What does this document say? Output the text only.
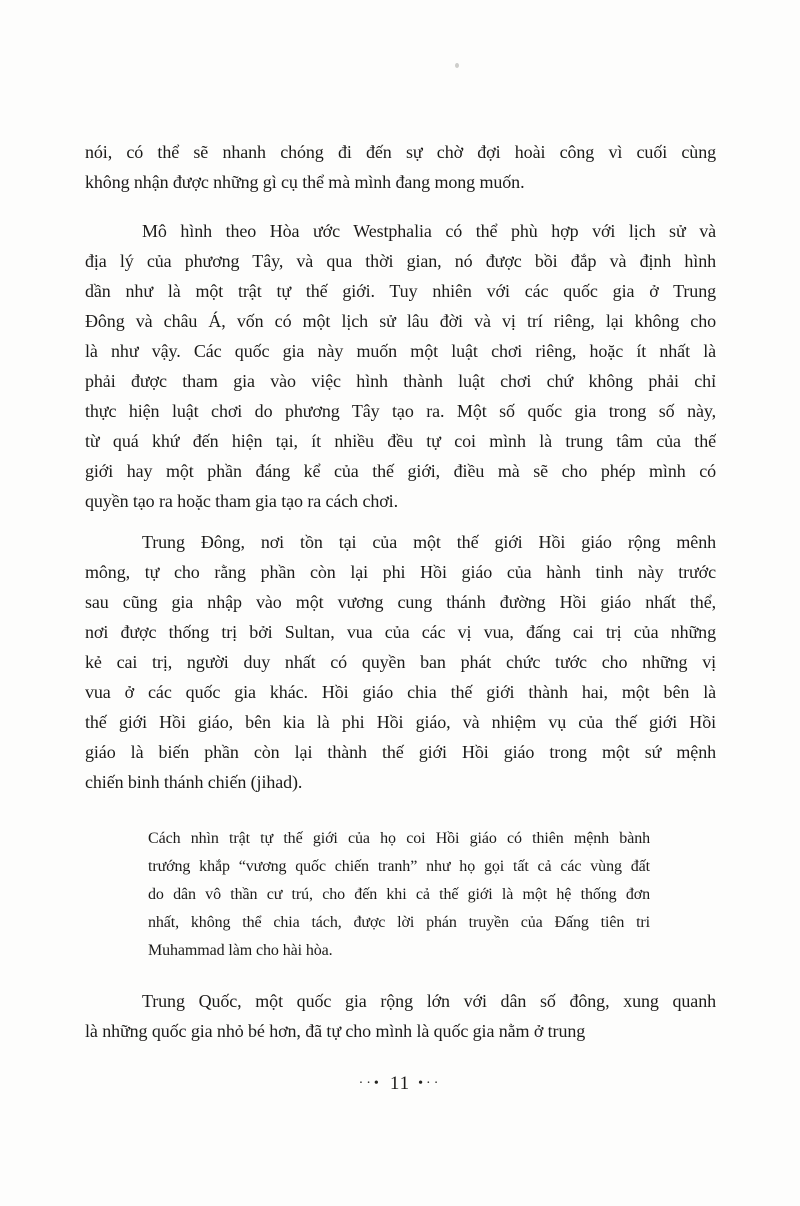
nói, có thể sẽ nhanh chóng đi đến sự chờ đợi hoài công vì cuối cùng
không nhận được những gì cụ thể mà mình đang mong muốn.
Mô hình theo Hòa ước Westphalia có thể phù hợp với lịch sử và
địa lý của phương Tây, và qua thời gian, nó được bồi đắp và định hình
dần như là một trật tự thế giới. Tuy nhiên với các quốc gia ở Trung
Đông và châu Á, vốn có một lịch sử lâu đời và vị trí riêng, lại không cho
là như vậy. Các quốc gia này muốn một luật chơi riêng, hoặc ít nhất là
phải được tham gia vào việc hình thành luật chơi chứ không phải chỉ
thực hiện luật chơi do phương Tây tạo ra. Một số quốc gia trong số này,
từ quá khứ đến hiện tại, ít nhiều đều tự coi mình là trung tâm của thế
giới hay một phần đáng kể của thế giới, điều mà sẽ cho phép mình có
quyền tạo ra hoặc tham gia tạo ra cách chơi.
Trung Đông, nơi tồn tại của một thế giới Hồi giáo rộng mênh
mông, tự cho rằng phần còn lại phi Hồi giáo của hành tinh này trước
sau cũng gia nhập vào một vương cung thánh đường Hồi giáo nhất thể,
nơi được thống trị bởi Sultan, vua của các vị vua, đấng cai trị của những
kẻ cai trị, người duy nhất có quyền ban phát chức tước cho những vị
vua ở các quốc gia khác. Hồi giáo chia thế giới thành hai, một bên là
thế giới Hồi giáo, bên kia là phi Hồi giáo, và nhiệm vụ của thế giới Hồi
giáo là biến phần còn lại thành thế giới Hồi giáo trong một sứ mệnh
chiến binh thánh chiến (jihad).
Cách nhìn trật tự thế giới của họ coi Hồi giáo có thiên mệnh bành
trướng khắp “vương quốc chiến tranh” như họ gọi tất cả các vùng đất
do dân vô thần cư trú, cho đến khi cả thế giới là một hệ thống đơn
nhất, không thể chia tách, được lời phán truyền của Đấng tiên tri
Muhammad làm cho hài hòa.
Trung Quốc, một quốc gia rộng lớn với dân số đông, xung quanh
là những quốc gia nhỏ bé hơn, đã tự cho mình là quốc gia nằm ở trung
··• 11 •··
